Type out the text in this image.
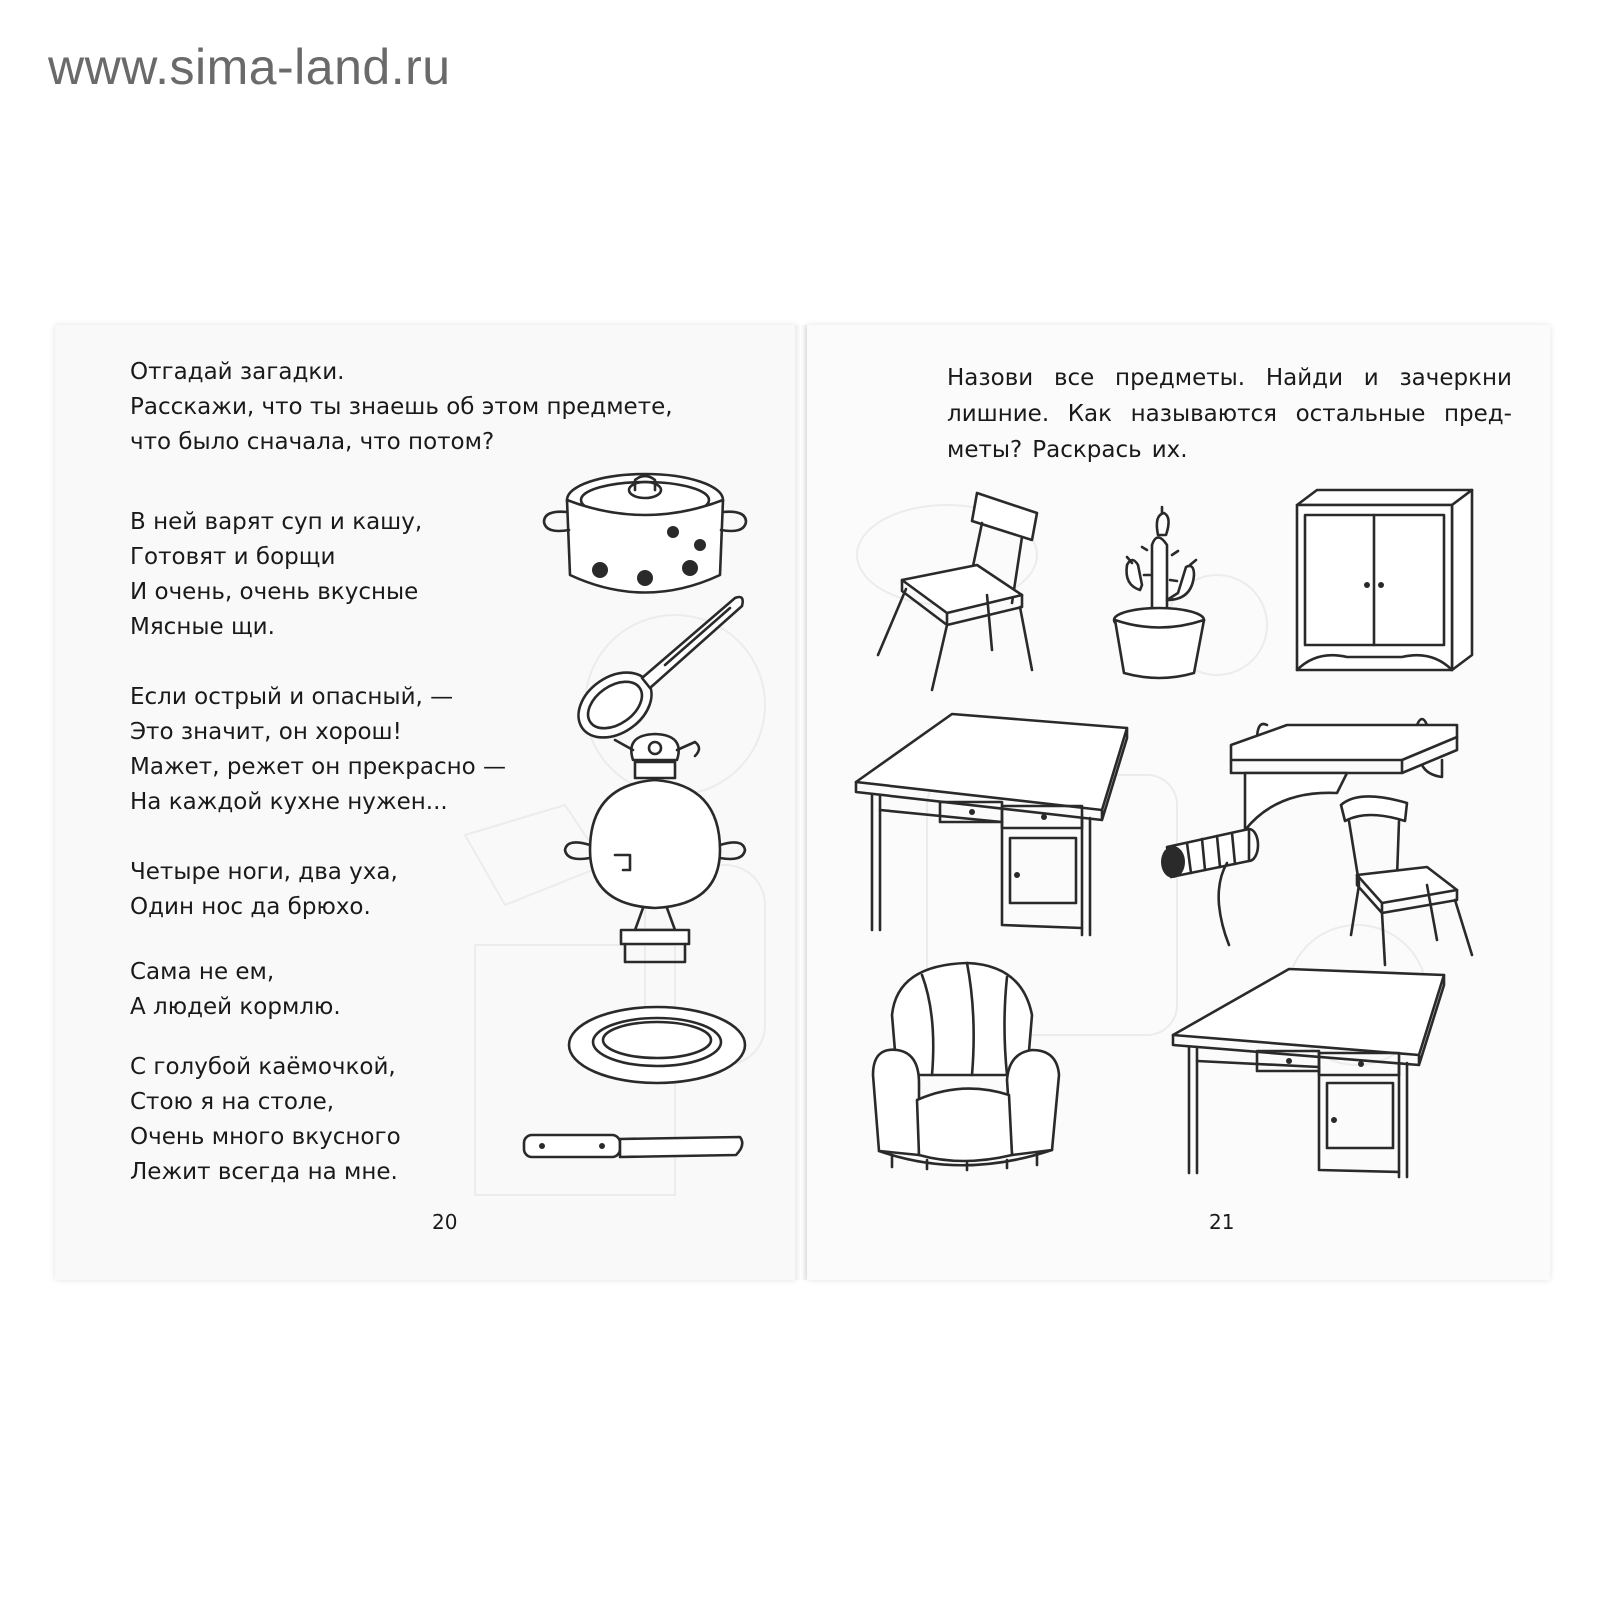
www.sima-land.ru
Отгадай загадки.
Расскажи, что ты знаешь об этом предмете,
что было сначала, что потом?
В ней варят суп и кашу,
Готовят и борщи
И очень, очень вкусные
Мясные щи.
Если острый и опасный, —
Это значит, он хорош!
Мажет, режет он прекрасно —
На каждой кухне нужен...
Четыре ноги, два уха,
Один нос да брюхо.
Сама не ем,
А людей кормлю.
С голубой каёмочкой,
Стою я на столе,
Очень много вкусного
Лежит всегда на мне.
20
Назови все предметы. Найди и зачеркни
лишние. Как называются остальные пред-
меты? Раскрась их.
21
